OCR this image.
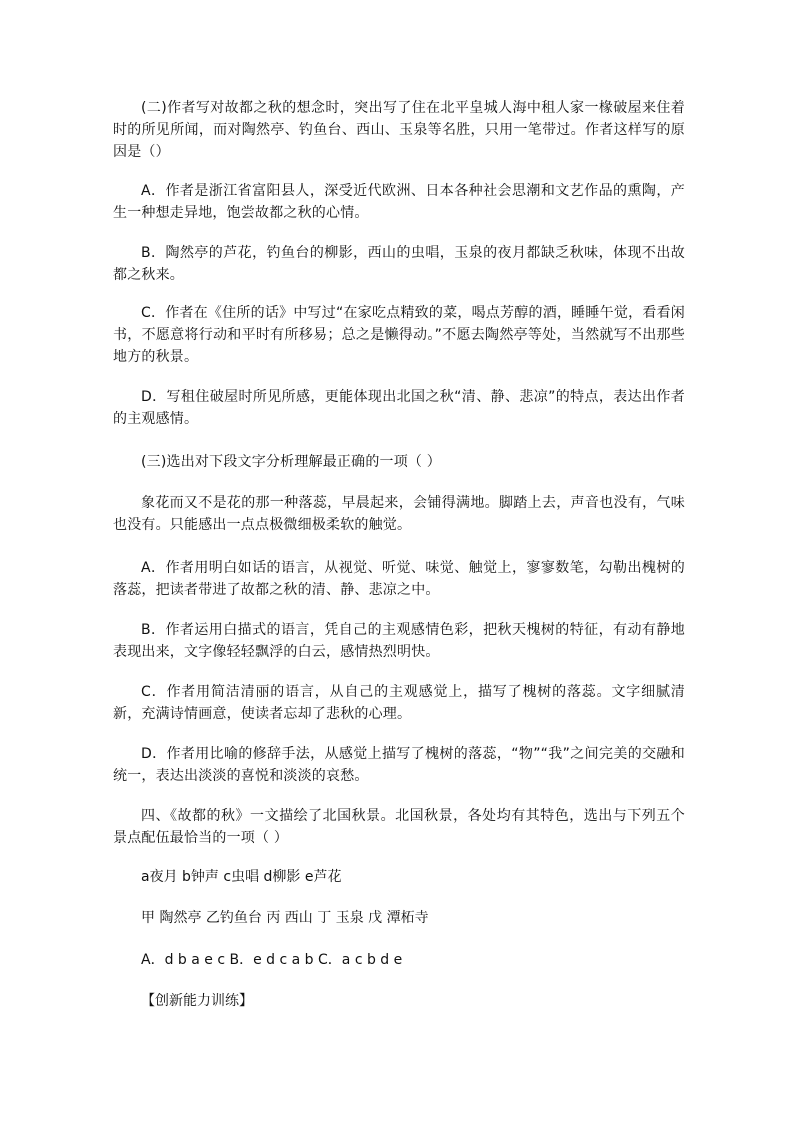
(二)作者写对故都之秋的想念时，突出写了住在北平皇城人海中租人家一椽破屋来住着时的所见所闻，而对陶然亭、钓鱼台、西山、玉泉等名胜，只用一笔带过。作者这样写的原因是（）

A．作者是浙江省富阳县人，深受近代欧洲、日本各种社会思潮和文艺作品的熏陶，产生一种想走异地，饱尝故都之秋的心情。

B．陶然亭的芦花，钓鱼台的柳影，西山的虫唱，玉泉的夜月都缺乏秋味，体现不出故都之秋来。

C．作者在《住所的话》中写过“在家吃点精致的菜，喝点芳醇的酒，睡睡午觉，看看闲书，不愿意将行动和平时有所移易；总之是懒得动。”不愿去陶然亭等处，当然就写不出那些地方的秋景。

D．写租住破屋时所见所感，更能体现出北国之秋“清、静、悲凉”的特点，表达出作者的主观感情。

(三)选出对下段文字分析理解最正确的一项（ ）

象花而又不是花的那一种落蕊，早晨起来，会铺得满地。脚踏上去，声音也没有，气味也没有。只能感出一点点极微细极柔软的触觉。

A．作者用明白如话的语言，从视觉、听觉、味觉、触觉上，寥寥数笔，勾勒出槐树的落蕊，把读者带进了故都之秋的清、静、悲凉之中。

B．作者运用白描式的语言，凭自己的主观感情色彩，把秋天槐树的特征，有动有静地表现出来，文字像轻轻飘浮的白云，感情热烈明快。

C．作者用简洁清丽的语言，从自己的主观感觉上，描写了槐树的落蕊。文字细腻清新，充满诗情画意，使读者忘却了悲秋的心理。

D．作者用比喻的修辞手法，从感觉上描写了槐树的落蕊，“物”“我”之间完美的交融和统一，表达出淡淡的喜悦和淡淡的哀愁。

四、《故都的秋》一文描绘了北国秋景。北国秋景，各处均有其特色，选出与下列五个景点配伍最恰当的一项（ ）

a夜月 b钟声 c虫唱 d柳影 e芦花

甲 陶然亭 乙钓鱼台 丙 西山 丁 玉泉 戊 潭柘寺

A．d b a e c B．e d c a b C．a c b d e

【创新能力训练】
